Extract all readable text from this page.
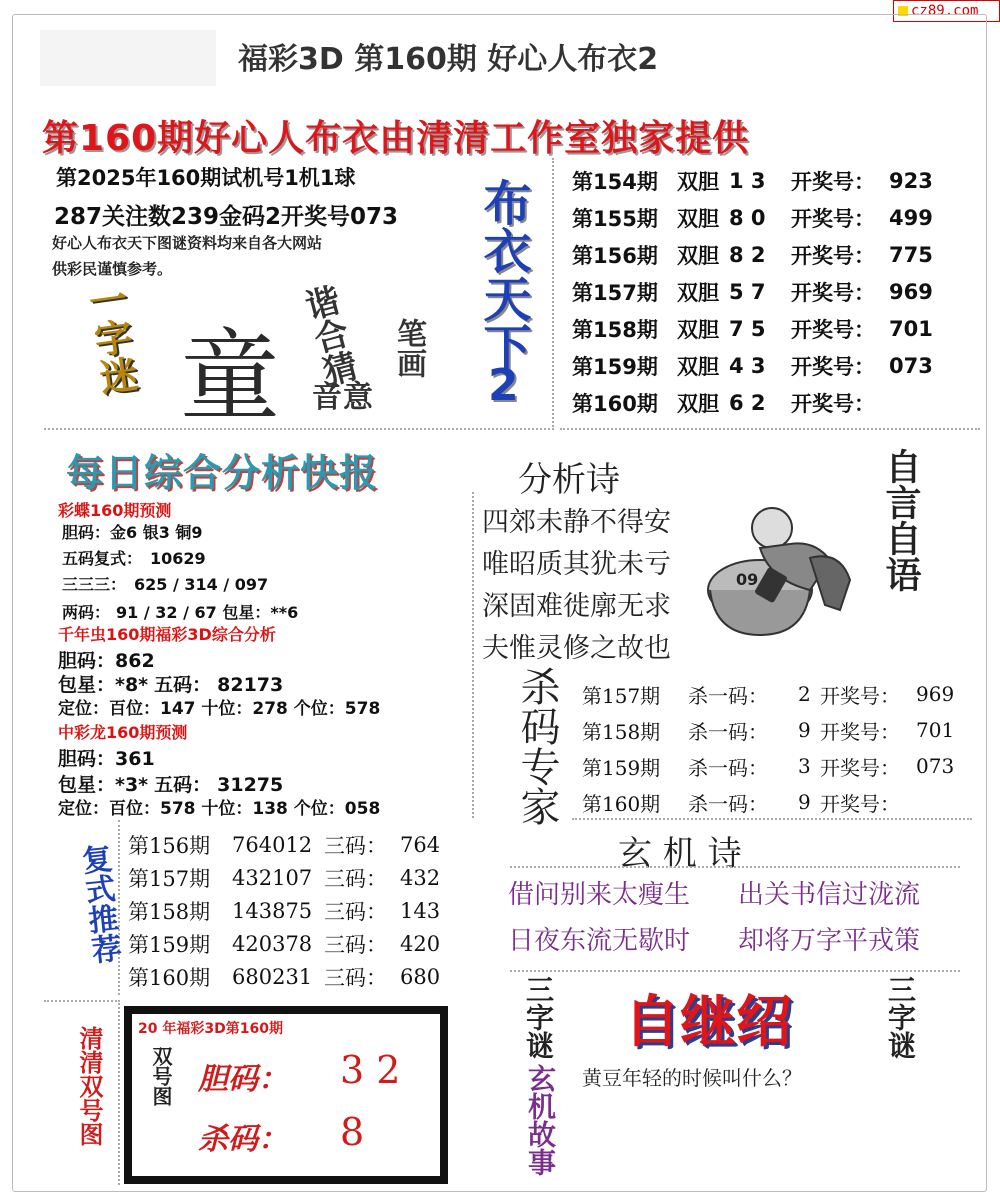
cz89.com
福彩3D 第160期 好心人布衣2
第160期好心人布衣由清清工作室独家提供
第2025年160期试机号1机1球
287关注数239金码2开奖号073
好心人布衣天下图谜资料均来自各大网站
供彩民谨慎参考。
一字迷 童 谐合猜 笔画
音意
布衣天下
2
第154期 双胆 1 3	开奖号： 923
第155期 双胆 8 0	开奖号： 499
第156期 双胆 8 2	开奖号： 775
第157期 双胆 5 7	开奖号： 969
第158期 双胆 7 5	开奖号： 701
第159期 双胆 4 3	开奖号： 073
第160期 双胆 6 2	开奖号：
每日综合分析快报
彩蝶160期预测
胆码：金6 银3 铜9
五码复式： 10629
三三三： 625 / 314 / 097
两码： 91 / 32 / 67 包星：**6
千年虫160期福彩3D综合分析
胆码：862
包星：*8* 五码： 82173
定位：百位：147 十位：278 个位：578
中彩龙160期预测
胆码：361
包星：*3* 五码： 31275
定位：百位：578 十位：138 个位：058
分析诗
四郊未静不得安
唯昭质其犹未亏
深固难徙廓无求
夫惟灵修之故也
09	自言自语
杀码专家 第157期	杀一码：	2 开奖号： 969
第158期	杀一码：	9 开奖号： 701
第159期	杀一码：	3 开奖号： 073
第160期	杀一码：	9 开奖号：
复式推荐 第156期	764012 三码： 764
第157期	432107 三码： 432
第158期	143875 三码： 143
第159期	420378 三码： 420
第160期	680231 三码： 680
玄 机 诗
借问别来太瘦生 出关书信过泷流
日夜东流无歇时 却将万字平戎策
清清双号图	20 年福彩3D第160期
双号图 胆码： 3 2
杀码： 8
三字谜
玄机故事
自继绍	三字谜
黄豆年轻的时候叫什么？
